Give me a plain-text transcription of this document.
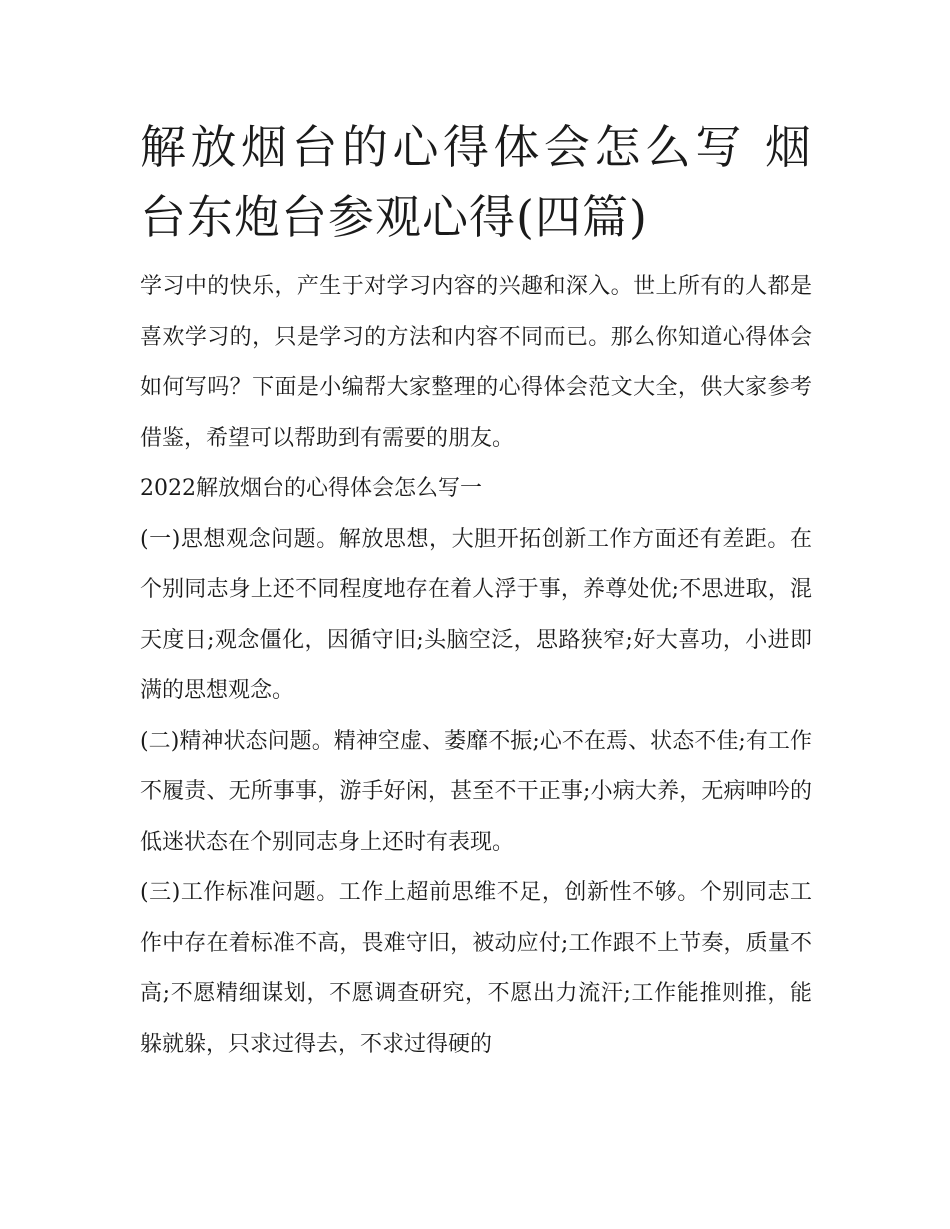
解放烟台的心得体会怎么写 烟台东炮台参观心得(四篇)

学习中的快乐，产生于对学习内容的兴趣和深入。世上所有的人都是喜欢学习的，只是学习的方法和内容不同而已。那么你知道心得体会如何写吗？下面是小编帮大家整理的心得体会范文大全，供大家参考借鉴，希望可以帮助到有需要的朋友。

2022解放烟台的心得体会怎么写一

(一)思想观念问题。解放思想，大胆开拓创新工作方面还有差距。在个别同志身上还不同程度地存在着人浮于事，养尊处优;不思进取，混天度日;观念僵化，因循守旧;头脑空泛，思路狭窄;好大喜功，小进即满的思想观念。

(二)精神状态问题。精神空虚、萎靡不振;心不在焉、状态不佳;有工作不履责、无所事事，游手好闲，甚至不干正事;小病大养，无病呻吟的低迷状态在个别同志身上还时有表现。

(三)工作标准问题。工作上超前思维不足，创新性不够。个别同志工作中存在着标准不高，畏难守旧，被动应付;工作跟不上节奏，质量不高;不愿精细谋划，不愿调查研究，不愿出力流汗;工作能推则推，能躲就躲，只求过得去，不求过得硬的
